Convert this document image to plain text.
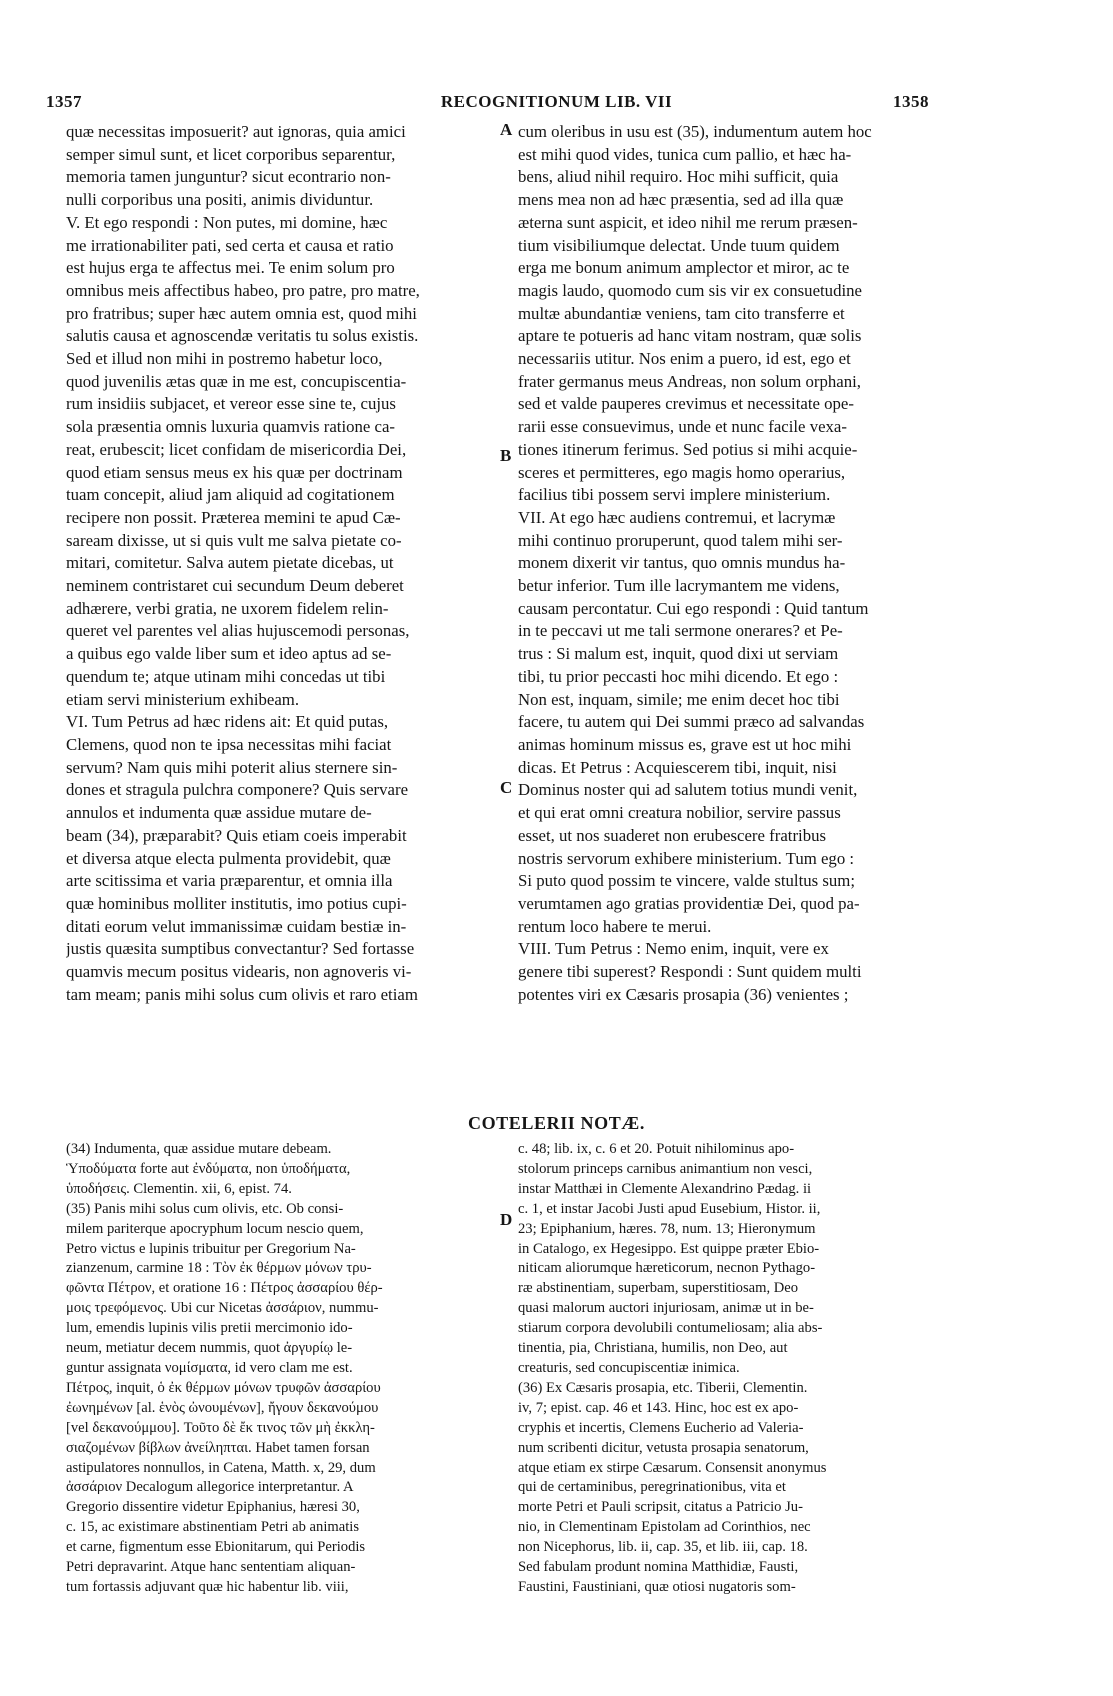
1357	RECOGNITIONUM LIB. VII	1358
quæ necessitas imposuerit? aut ignoras, quia amici
semper simul sunt, et licet corporibus separentur,
memoria tamen junguntur? sicut econtrario non-
nulli corporibus una positi, animis dividuntur.
V. Et ego respondi : Non putes, mi domine, hæc
me irrationabiliter pati, sed certa et causa et ratio
est hujus erga te affectus mei. Te enim solum pro
omnibus meis affectibus habeo, pro patre, pro matre,
pro fratribus; super hæc autem omnia est, quod mihi
salutis causa et agnoscendæ veritatis tu solus existis.
Sed et illud non mihi in postremo habetur loco,
quod juvenilis ætas quæ in me est, concupiscentia-
rum insidiis subjacet, et vereor esse sine te, cujus
sola præsentia omnis luxuria quamvis ratione ca-
reat, erubescit; licet confidam de misericordia Dei,
quod etiam sensus meus ex his quæ per doctrinam
tuam concepit, aliud jam aliquid ad cogitationem
recipere non possit. Præterea memini te apud Cæ-
saream dixisse, ut si quis vult me salva pietate co-
mitari, comitetur. Salva autem pietate dicebas, ut
neminem contristaret cui secundum Deum deberet
adhærere, verbi gratia, ne uxorem fidelem relin-
queret vel parentes vel alias hujuscemodi personas,
a quibus ego valde liber sum et ideo aptus ad se-
quendum te; atque utinam mihi concedas ut tibi
etiam servi ministerium exhibeam.
VI. Tum Petrus ad hæc ridens ait: Et quid putas,
Clemens, quod non te ipsa necessitas mihi faciat
servum? Nam quis mihi poterit alius sternere sin-
dones et stragula pulchra componere? Quis servare
annulos et indumenta quæ assidue mutare de-
beam (34), præparabit? Quis etiam coeis imperabit
et diversa atque electa pulmenta providebit, quæ
arte scitissima et varia præparentur, et omnia illa
quæ hominibus molliter institutis, imo potius cupi-
ditati eorum velut immanissimæ cuidam bestiæ in-
justis quæsita sumptibus convectantur? Sed fortasse
quamvis mecum positus videaris, non agnoveris vi-
tam meam; panis mihi solus cum olivis et raro etiam
cum oleribus in usu est (35), indumentum autem hoc
est mihi quod vides, tunica cum pallio, et hæc ha-
bens, aliud nihil requiro. Hoc mihi sufficit, quia
mens mea non ad hæc præsentia, sed ad illa quæ
æterna sunt aspicit, et ideo nihil me rerum præsen-
tium visibiliumque delectat. Unde tuum quidem
erga me bonum animum amplector et miror, ac te
magis laudo, quomodo cum sis vir ex consuetudine
multæ abundantiæ veniens, tam cito transferre et
aptare te potueris ad hanc vitam nostram, quæ solis
necessariis utitur. Nos enim a puero, id est, ego et
frater germanus meus Andreas, non solum orphani,
sed et valde pauperes crevimus et necessitate ope-
rarii esse consuevimus, unde et nunc facile vexa-
tiones itinerum ferimus. Sed potius si mihi acquie-
sceres et permitteres, ego magis homo operarius,
facilius tibi possem servi implere ministerium.
VII. At ego hæc audiens contremui, et lacrymæ
mihi continuo proruperunt, quod talem mihi ser-
monem dixerit vir tantus, quo omnis mundus ha-
betur inferior. Tum ille lacrymantem me videns,
causam percontatur. Cui ego respondi : Quid tantum
in te peccavi ut me tali sermone onerares? et Pe-
trus : Si malum est, inquit, quod dixi ut serviam
tibi, tu prior peccasti hoc mihi dicendo. Et ego :
Non est, inquam, simile; me enim decet hoc tibi
facere, tu autem qui Dei summi præco ad salvandas
animas hominum missus es, grave est ut hoc mihi
dicas. Et Petrus : Acquiescerem tibi, inquit, nisi
Dominus noster qui ad salutem totius mundi venit,
et qui erat omni creatura nobilior, servire passus
esset, ut nos suaderet non erubescere fratribus
nostris servorum exhibere ministerium. Tum ego :
Si puto quod possim te vincere, valde stultus sum;
verumtamen ago gratias providentiæ Dei, quod pa-
rentum loco habere te merui.
VIII. Tum Petrus : Nemo enim, inquit, vere ex
genere tibi superest? Respondi : Sunt quidem multi
potentes viri ex Cæsaris prosapia (36) venientes ;
A
B
C
D
COTELERII NOTÆ.
(34) Indumenta, quæ assidue mutare debeam.
Ὑποδύματα forte aut ἐνδύματα, non ὑποδήματα,
ὑποδήσεις. Clementin. xii, 6, epist. 74.
(35) Panis mihi solus cum olivis, etc. Ob consi-
milem pariterque apocryphum locum nescio quem,
Petro victus e lupinis tribuitur per Gregorium Na-
zianzenum, carmine 18 : Τὸν ἐκ θέρμων μόνων τρυ-
φῶντα Πέτρον, et oratione 16 : Πέτρος ἀσσαρίου θέρ-
μοις τρεφόμενος. Ubi cur Nicetas ἀσσάριον, nummu-
lum, emendis lupinis vilis pretii mercimonio ido-
neum, metiatur decem nummis, quot ἀργυρίῳ le-
guntur assignata νομίσματα, id vero clam me est.
Πέτρος, inquit, ὁ ἐκ θέρμων μόνων τρυφῶν ἀσσαρίου
ἐωνημένων [al. ἑνὸς ὠνουμένων], ἤγουν δεκανούμου
[vel δεκανούμμου]. Τοῦτο δὲ ἔκ τινος τῶν μὴ ἐκκλη-
σιαζομένων βίβλων ἀνείληπται. Habet tamen forsan
astipulatores nonnullos, in Catena, Matth. x, 29, dum
ἀσσάριον Decalogum allegorice interpretantur. A
Gregorio dissentire videtur Epiphanius, hæresi 30,
c. 15, ac existimare abstinentiam Petri ab animatis
et carne, figmentum esse Ebionitarum, qui Periodis
Petri depravarint. Atque hanc sententiam aliquan-
tum fortassis adjuvant quæ hic habentur lib. viii,
c. 48; lib. ix, c. 6 et 20. Potuit nihilominus apo-
stolorum princeps carnibus animantium non vesci,
instar Matthæi in Clemente Alexandrino Pædag. ii
c. 1, et instar Jacobi Justi apud Eusebium, Histor. ii,
23; Epiphanium, hæres. 78, num. 13; Hieronymum
in Catalogo, ex Hegesippo. Est quippe præter Ebio-
niticam aliorumque hæreticorum, necnon Pythago-
ræ abstinentiam, superbam, superstitiosam, Deo
quasi malorum auctori injuriosam, animæ ut in be-
stiarum corpora devolubili contumeliosam; alia abs-
tinentia, pia, Christiana, humilis, non Deo, aut
creaturis, sed concupiscentiæ inimica.
(36) Ex Cæsaris prosapia, etc. Tiberii, Clementin.
iv, 7; epist. cap. 46 et 143. Hinc, hoc est ex apo-
cryphis et incertis, Clemens Eucherio ad Valeria-
num scribenti dicitur, vetusta prosapia senatorum,
atque etiam ex stirpe Cæsarum. Consensit anonymus
qui de certaminibus, peregrinationibus, vita et
morte Petri et Pauli scripsit, citatus a Patricio Ju-
nio, in Clementinam Epistolam ad Corinthios, nec
non Nicephorus, lib. ii, cap. 35, et lib. iii, cap. 18.
Sed fabulam produnt nomina Matthidiæ, Fausti,
Faustini, Faustiniani, quæ otiosi nugatoris som-
